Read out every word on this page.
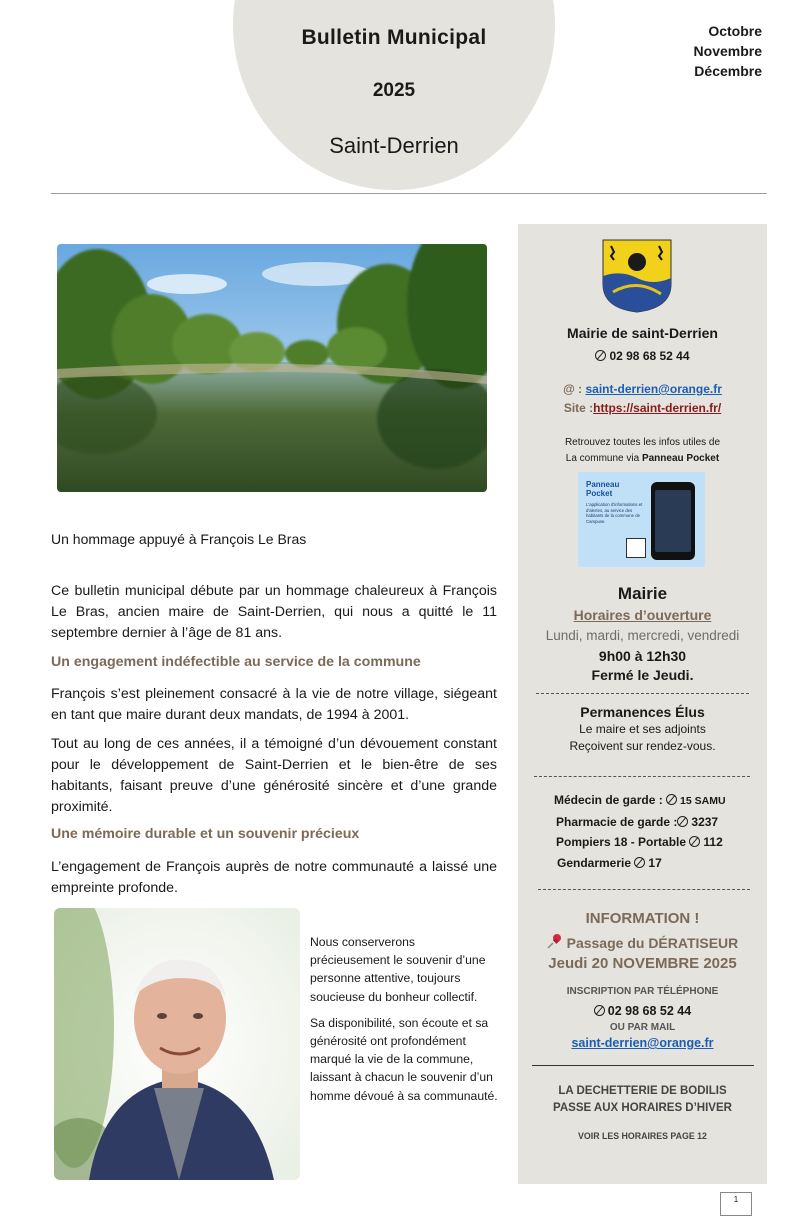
Bulletin Municipal
2025
Saint-Derrien
Octobre
Novembre
Décembre
Un hommage appuyé à François Le Bras

Ce bulletin municipal débute par un hommage chaleureux à François Le Bras, ancien maire de Saint-Derrien, qui nous a quitté le 11 septembre dernier à l’âge de 81 ans.

Un engagement indéfectible au service de la commune

François s’est pleinement consacré à la vie de notre village, siégeant en tant que maire durant deux mandats, de 1994 à 2001.

Tout au long de ces années, il a témoigné d’un dévouement constant pour le développement de Saint-Derrien et le bien-être de ses habitants, faisant preuve d’une générosité sincère et d’une grande proximité.

Une mémoire durable et un souvenir précieux

L’engagement de François auprès de notre communauté a laissé une empreinte profonde.

Nous conserverons précieusement le souvenir d’une personne attentive, toujours soucieuse du bonheur collectif.

Sa disponibilité, son écoute et sa générosité ont profondément marqué la vie de la commune, laissant à chacun le souvenir d’un homme dévoué à sa communauté.

Mairie de saint-Derrien
02 98 68 52 44
@ : saint-derrien@orange.fr
Site :https://saint-derrien.fr/
Retrouvez toutes les infos utiles de
La commune via Panneau Pocket
Panneau Pocket
L'application d'informations et d'alertes, au service des habitants de la commune de Campuse.
Mairie
Horaires d’ouverture
Lundi, mardi, mercredi, vendredi
9h00 à 12h30
Fermé le Jeudi.
Permanences Élus
Le maire et ses adjoints
Reçoivent sur rendez-vous.
Médecin de garde : 15 SAMU
Pharmacie de garde : 3237
Pompiers 18 - Portable 112
Gendarmerie 17
INFORMATION !
Passage du DÉRATISEUR
Jeudi 20 NOVEMBRE 2025
INSCRIPTION PAR TÉLÉPHONE
02 98 68 52 44
OU PAR MAIL
saint-derrien@orange.fr
LA DECHETTERIE DE BODILIS
PASSE AUX HORAIRES D’HIVER
VOIR LES HORAIRES PAGE 12
1
